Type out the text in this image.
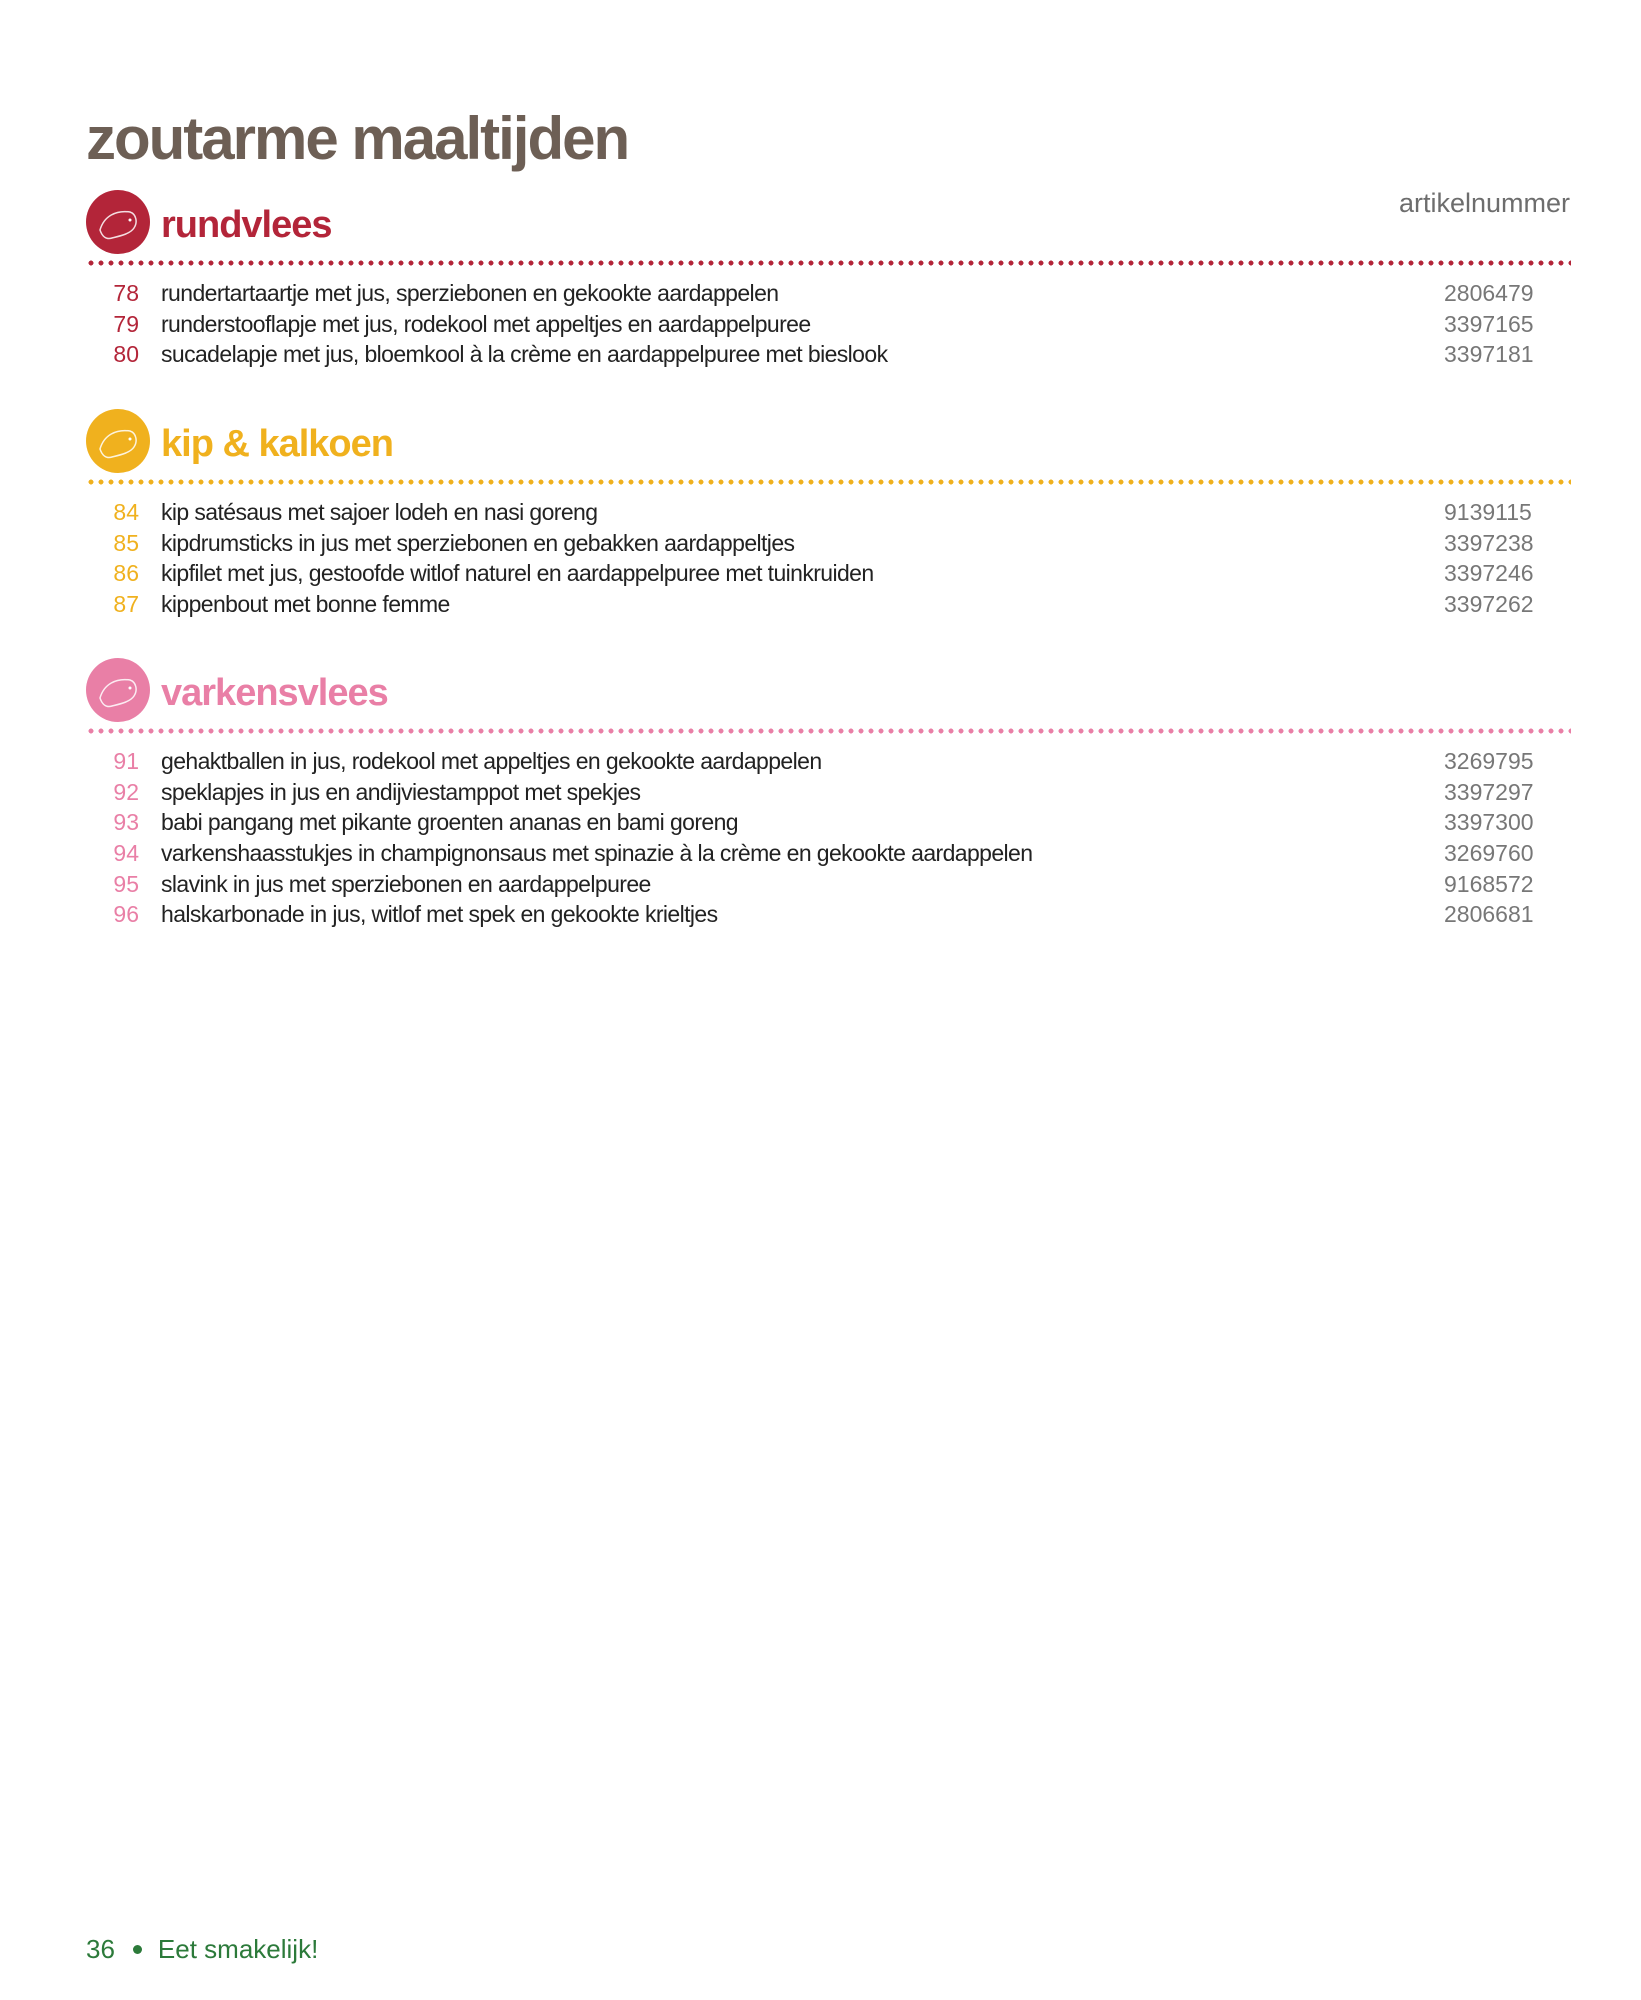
zoutarme maaltijden
artikelnummer
rundvlees
78 rundertartaartje met jus, sperziebonen en gekookte aardappelen	2806479
79 runderstooflapje met jus, rodekool met appeltjes en aardappelpuree	3397165
80 sucadelapje met jus, bloemkool à la crème en aardappelpuree met bieslook	3397181
kip & kalkoen
84 kip satésaus met sajoer lodeh en nasi goreng	9139115
85 kipdrumsticks in jus met sperziebonen en gebakken aardappeltjes	3397238
86 kipfilet met jus, gestoofde witlof naturel en aardappelpuree met tuinkruiden	3397246
87 kippenbout met bonne femme	3397262
varkensvlees
91 gehaktballen in jus, rodekool met appeltjes en gekookte aardappelen	3269795
92 speklapjes in jus en andijviestamppot met spekjes	3397297
93 babi pangang met pikante groenten ananas en bami goreng	3397300
94 varkenshaasstukjes in champignonsaus met spinazie à la crème en gekookte aardappelen	3269760
95 slavink in jus met sperziebonen en aardappelpuree	9168572
96 halskarbonade in jus, witlof met spek en gekookte krieltjes	2806681
36 Eet smakelijk!
